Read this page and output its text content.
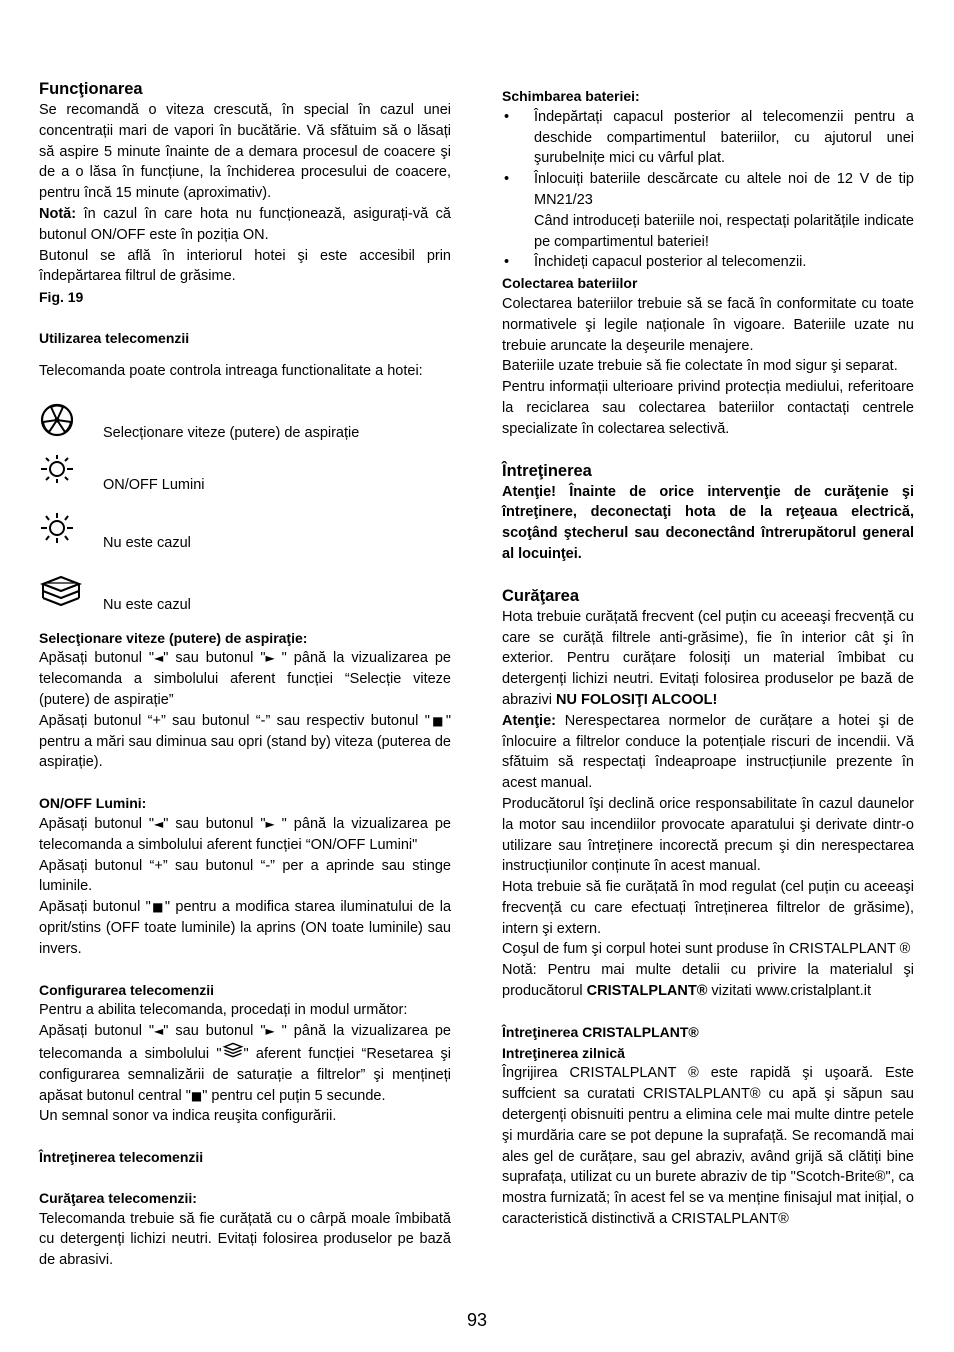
Funcţionarea

Se recomandă o viteza crescută, în special în cazul unei concentrații mari de vapori în bucătărie. Vă sfătuim să o lăsați să aspire 5 minute înainte de a demara procesul de coacere şi de a o lăsa în funcțiune, la închiderea procesului de coacere, pentru încă 15 minute (aproximativ).

Notă: în cazul în care hota nu funcționează, asigurați-vă că butonul ON/OFF este în poziția ON.

Butonul se află în interiorul hotei şi este accesibil prin îndepărtarea filtrul de grăsime.

Fig. 19
Utilizarea telecomenzii

Telecomanda poate controla intreaga functionalitate a hotei:

Selecționare viteze (putere) de aspirație
ON/OFF Lumini
Nu este cazul
Nu este cazul
Selecţionare viteze (putere) de aspiraţie:

Apăsați butonul "◄" sau butonul "► " până la vizualizarea pe telecomanda a simbolului aferent funcției “Selecție viteze (putere) de aspirație”

Apăsați butonul “+” sau butonul “-” sau respectiv butonul "■" pentru a mări sau diminua sau opri (stand by) viteza (puterea de aspirație).

ON/OFF Lumini:

Apăsați butonul "◄" sau butonul "► " până la vizualizarea pe telecomanda a simbolului aferent funcției “ON/OFF Lumini"

Apăsați butonul “+” sau butonul “-” per a aprinde sau stinge luminile.

Apăsați butonul "■" pentru a modifica starea iluminatului de la oprit/stins (OFF toate luminile) la aprins (ON toate luminile) sau invers.

Configurarea telecomenzii

Pentru a abilita telecomanda, procedați in modul următor:

Apăsați butonul "◄" sau butonul "► " până la vizualizarea pe telecomanda a simbolului " " aferent funcției “Resetarea şi configurarea semnalizării de saturație a filtrelor” şi mențineți apăsat butonul central "■" pentru cel puțin 5 secunde.

Un semnal sonor va indica reuşita configurării.

Întreţinerea telecomenzii
Curăţarea telecomenzii:

Telecomanda trebuie să fie curățată cu o cârpă moale îmbibată cu detergenți lichizi neutri. Evitați folosirea produselor pe bază de abrasivi.

Schimbarea bateriei:
• Îndepărtați capacul posterior al telecomenzii pentru a deschide compartimentul bateriilor, cu ajutorul unei şurubelnițe mici cu vârful plat.
• Înlocuiți bateriile descărcate cu altele noi de 12 V de tip MN21/23
Când introduceți bateriile noi, respectați polaritățile indicate pe compartimentul bateriei!
• Închideți capacul posterior al telecomenzii.
Colectarea bateriilor

Colectarea bateriilor trebuie să se facă în conformitate cu toate normativele şi legile naționale în vigoare. Bateriile uzate nu trebuie aruncate la deşeurile menajere.

Bateriile uzate trebuie să fie colectate în mod sigur şi separat.

Pentru informații ulterioare privind protecția mediului, referitoare la reciclarea sau colectarea bateriilor contactați centrele specializate în colectarea selectivă.

Întreţinerea

Atenţie! Înainte de orice intervenţie de curăţenie şi întreţinere, deconectaţi hota de la reţeaua electrică, scoţând ştecherul sau deconectând întrerupătorul general al locuinţei.

Curăţarea

Hota trebuie curățată frecvent (cel puțin cu aceeaşi frecvență cu care se curăță filtrele anti-grăsime), fie în interior cât şi în exterior. Pentru curățare folosiți un material îmbibat cu detergenți lichizi neutri. Evitați folosirea produselor pe bază de abrazivi NU FOLOSIŢI ALCOOL!

Atenţie: Nerespectarea normelor de curățare a hotei şi de înlocuire a filtrelor conduce la potențiale riscuri de incendii. Vă sfătuim să respectați îndeaproape instrucțiunile prezente în acest manual.

Producătorul îşi declină orice responsabilitate în cazul daunelor la motor sau incendiilor provocate aparatului şi derivate dintr-o utilizare sau întreținere incorectă precum şi din nerespectarea instrucțiunilor conținute în acest manual.

Hota trebuie să fie curățată în mod regulat (cel puțin cu aceeaşi frecvență cu care efectuați întreținerea filtrelor de grăsime), intern şi extern.

Coşul de fum şi corpul hotei sunt produse în CRISTALPLANT ®

Notă: Pentru mai multe detalii cu privire la materialul şi producătorul CRISTALPLANT® vizitati www.cristalplant.it

Întreţinerea CRISTALPLANT®
Intreţinerea zilnică

Îngrijirea CRISTALPLANT ® este rapidă şi uşoară. Este suffcient sa curatati CRISTALPLANT® cu apă şi săpun sau detergenți obisnuiti pentru a elimina cele mai multe dintre petele şi murdăria care se pot depune la suprafață. Se recomandă mai ales gel de curățare, sau gel abraziv, având grijă să clătiți bine suprafața, utilizat cu un burete abraziv de tip "Scotch-Brite®", ca mostra furnizată; în acest fel se va menține finisajul mat inițial, o caracteristică distinctivă a CRISTALPLANT®

93
